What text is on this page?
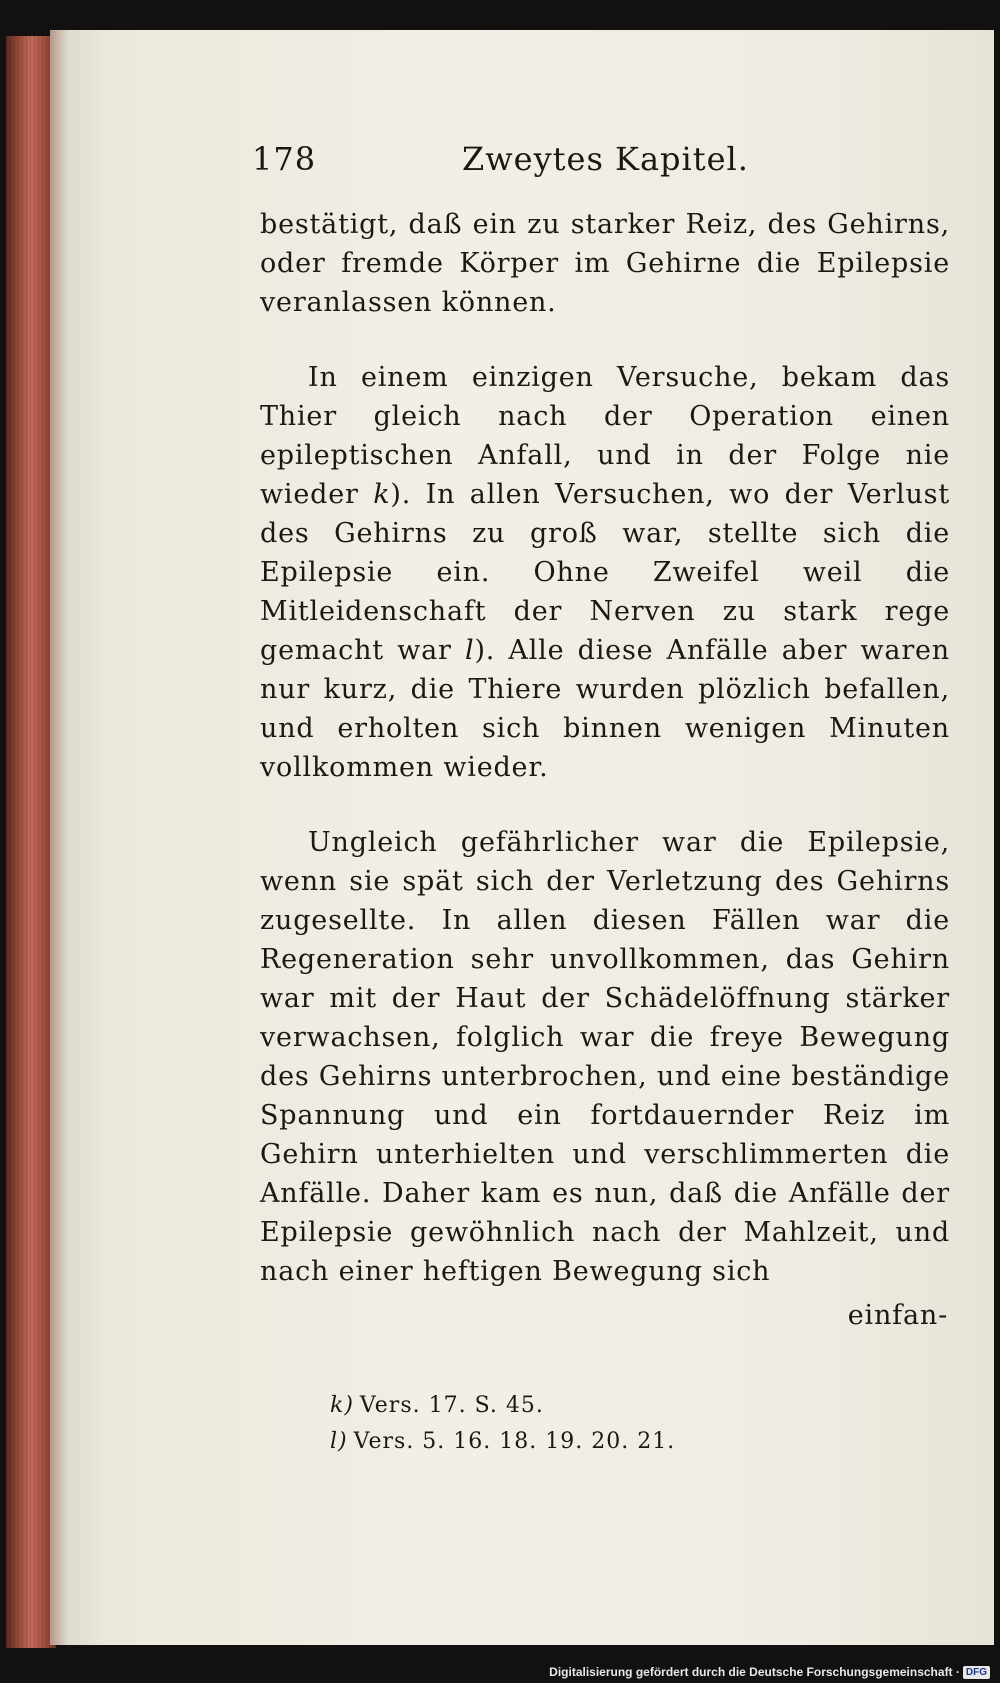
178	Zweytes Kapitel.

bestätigt, daß ein zu starker Reiz, des Gehirns, oder fremde Körper im Gehirne die Epilepsie veranlassen können.

In einem einzigen Versuche, bekam das Thier gleich nach der Operation einen epileptischen Anfall, und in der Folge nie wieder k). In allen Versuchen, wo der Verlust des Gehirns zu groß war, stellte sich die Epilepsie ein. Ohne Zweifel weil die Mitleidenschaft der Nerven zu stark rege gemacht war l). Alle diese Anfälle aber waren nur kurz, die Thiere wurden plözlich befallen, und erholten sich binnen wenigen Minuten vollkommen wieder.

Ungleich gefährlicher war die Epilepsie, wenn sie spät sich der Verletzung des Gehirns zugesellte. In allen diesen Fällen war die Regeneration sehr unvollkommen, das Gehirn war mit der Haut der Schädelöffnung stärker verwachsen, folglich war die freye Bewegung des Gehirns unterbrochen, und eine beständige Spannung und ein fortdauernder Reiz im Gehirn unterhielten und verschlimmerten die Anfälle. Daher kam es nun, daß die Anfälle der Epilepsie gewöhnlich nach der Mahlzeit, und nach einer heftigen Bewegung sich

einfan-
k) Vers. 17. S. 45.
l) Vers. 5. 16. 18. 19. 20. 21.
Digitalisierung gefördert durch die Deutsche Forschungsgemeinschaft · DFG
